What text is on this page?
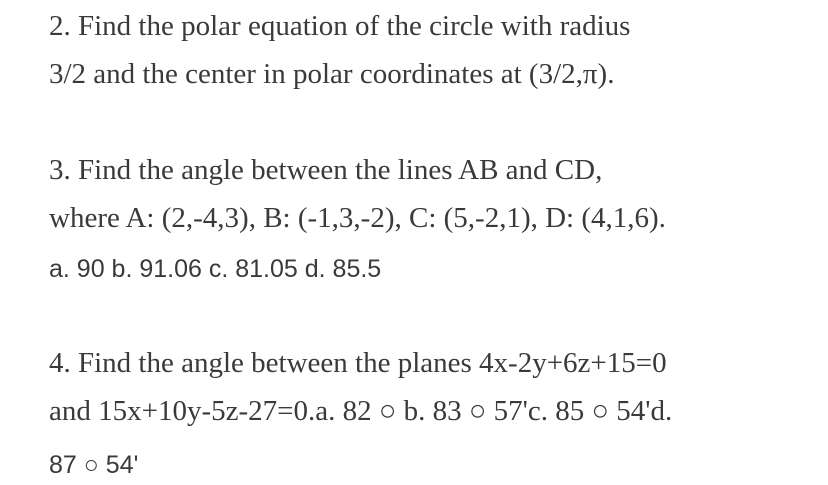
2. Find the polar equation of the circle with radius
3/2 and the center in polar coordinates at (3/2,π).
3. Find the angle between the lines AB and CD,
where A: (2,-4,3), B: (-1,3,-2), C: (5,-2,1), D: (4,1,6).
a. 90 b. 91.06 c. 81.05 d. 85.5
4. Find the angle between the planes 4x-2y+6z+15=0
and 15x+10y-5z-27=0.a. 82 ○ b. 83 ○ 57'c. 85 ○ 54'd.
87 ○ 54'
